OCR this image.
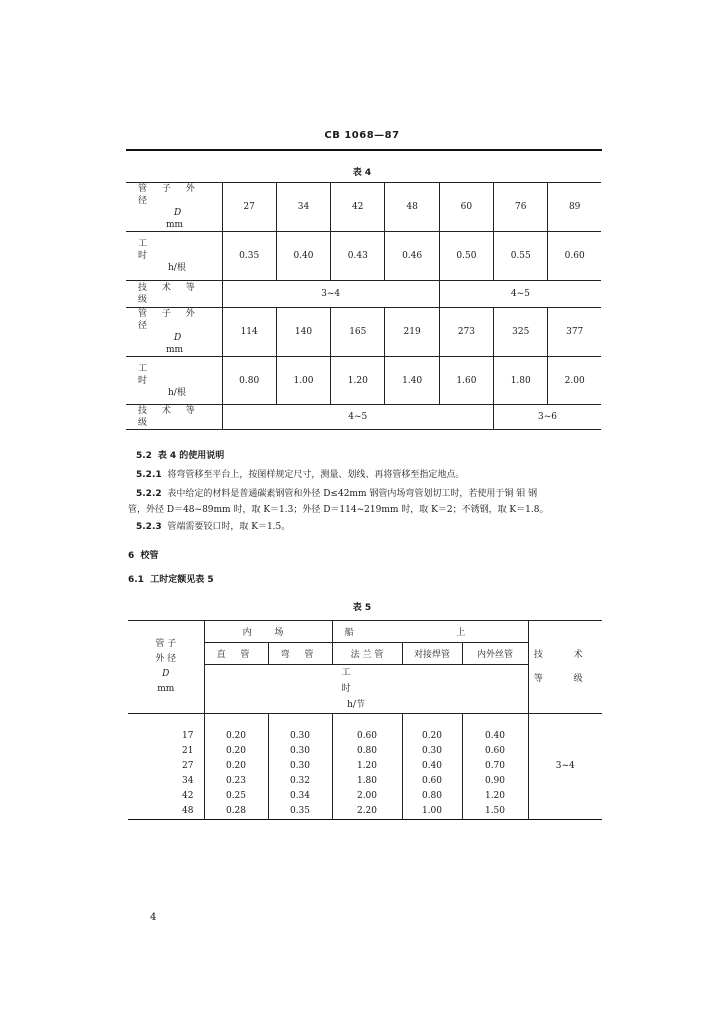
CB 1068—87
表 4
管 子 外 径
D
mm	27	34	42	48	60	76	89

工 时
h/根	0.35	0.40	0.43	0.46	0.50	0.55	0.60
技 术 等 级	3~4				4~5		

管 子 外 径
D
mm	114	140	165	219	273	325	377

工 时
h/根	0.80	1.00	1.20	1.40	1.60	1.80	2.00
技 术 等 级	4~5					3~6	

5.2 表 4 的使用说明

5.2.1 将弯管移至平台上，按图样规定尺寸，测量、划线、再将管移至指定地点。

5.2.2 表中给定的材料是普通碳素钢管和外径 D≤42mm 钢管内场弯管划切工时，若使用于铜 钼 钢

管，外径 D＝48~89mm 时，取 K＝1.3；外径 D＝114~219mm 时，取 K＝2；不锈钢，取 K＝1.8。

5.2.3 管端需要铰口时，取 K＝1.5。

6 校管
6.1 工时定额见表 5
表 5
管 子
外 径
D
mm	内 场		船 上			技 术
等 级

	直 管	弯 管	法 兰 管	对接焊管	内外丝管	

	工 时
h/节					

						3~4
17	0.20	0.30	0.60	0.20	0.40	
21	0.20	0.30	0.80	0.30	0.60	
27	0.20	0.30	1.20	0.40	0.70	
34	0.23	0.32	1.80	0.60	0.90	
42	0.25	0.34	2.00	0.80	1.20	
48	0.28	0.35	2.20	1.00	1.50	
4
